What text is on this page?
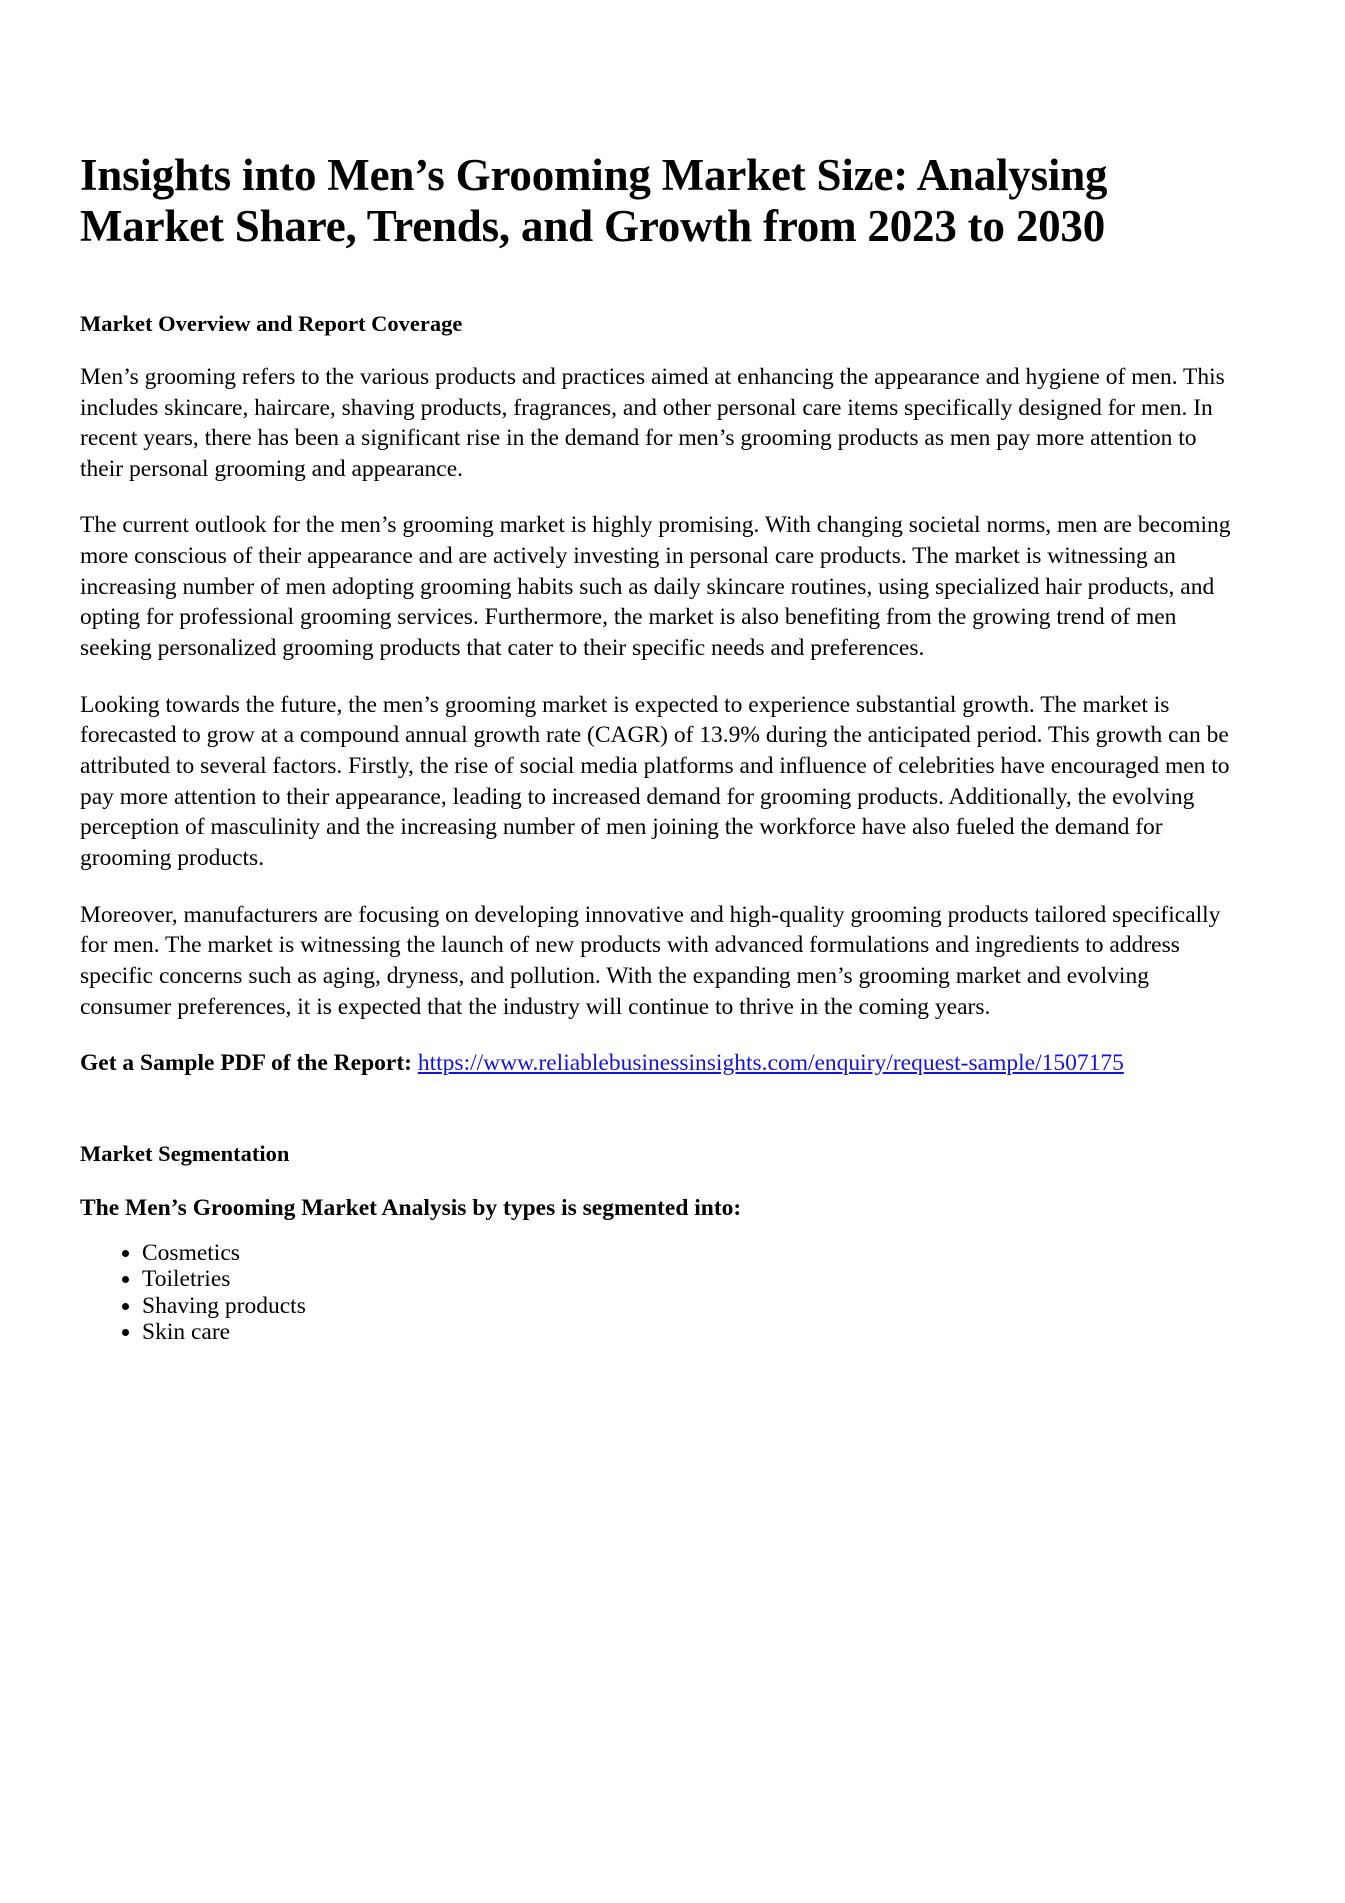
Insights into Men’s Grooming Market Size: Analysing Market Share, Trends, and Growth from 2023 to 2030
Market Overview and Report Coverage

Men’s grooming refers to the various products and practices aimed at enhancing the appearance and hygiene of men. This includes skincare, haircare, shaving products, fragrances, and other personal care items specifically designed for men. In recent years, there has been a significant rise in the demand for men’s grooming products as men pay more attention to their personal grooming and appearance.

The current outlook for the men’s grooming market is highly promising. With changing societal norms, men are becoming more conscious of their appearance and are actively investing in personal care products. The market is witnessing an increasing number of men adopting grooming habits such as daily skincare routines, using specialized hair products, and opting for professional grooming services. Furthermore, the market is also benefiting from the growing trend of men seeking personalized grooming products that cater to their specific needs and preferences.

Looking towards the future, the men’s grooming market is expected to experience substantial growth. The market is forecasted to grow at a compound annual growth rate (CAGR) of 13.9% during the anticipated period. This growth can be attributed to several factors. Firstly, the rise of social media platforms and influence of celebrities have encouraged men to pay more attention to their appearance, leading to increased demand for grooming products. Additionally, the evolving perception of masculinity and the increasing number of men joining the workforce have also fueled the demand for grooming products.

Moreover, manufacturers are focusing on developing innovative and high-quality grooming products tailored specifically for men. The market is witnessing the launch of new products with advanced formulations and ingredients to address specific concerns such as aging, dryness, and pollution. With the expanding men’s grooming market and evolving consumer preferences, it is expected that the industry will continue to thrive in the coming years.

Get a Sample PDF of the Report: https://www.reliablebusinessinsights.com/enquiry/request-sample/1507175

Market Segmentation

The Men’s Grooming Market Analysis by types is segmented into:

• Cosmetics
• Toiletries
• Shaving products
• Skin care
